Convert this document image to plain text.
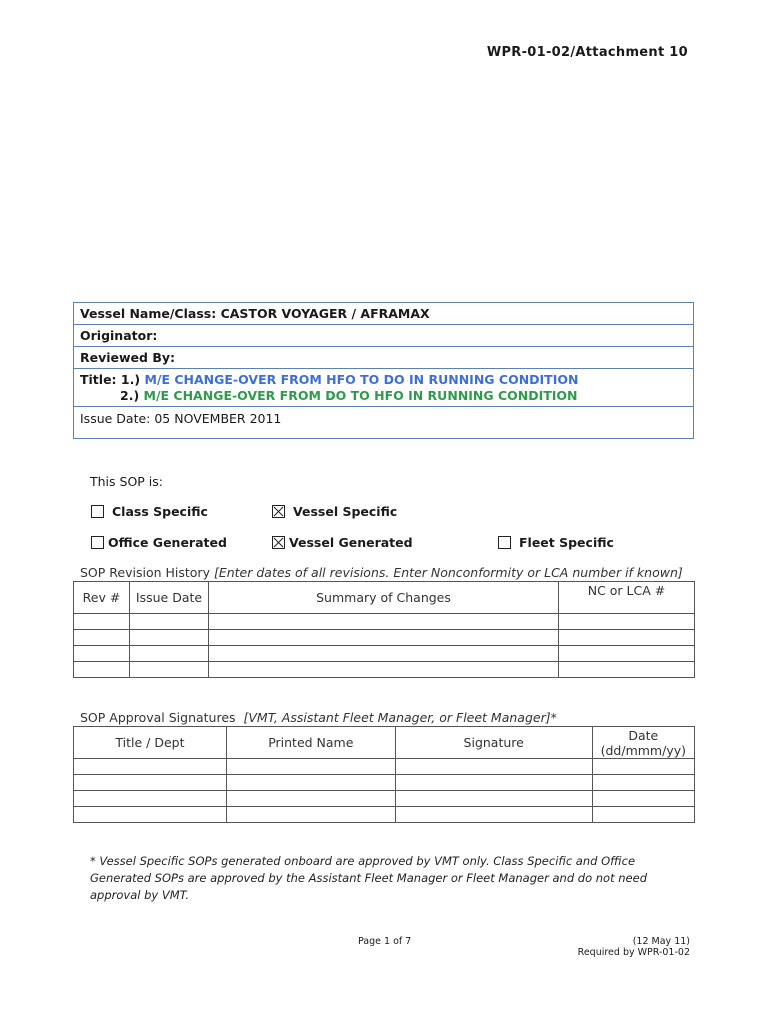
WPR-01-02/Attachment 10
Vessel Name/Class: CASTOR VOYAGER / AFRAMAX
Originator:
Reviewed By:
Title: 1.) M/E CHANGE-OVER FROM HFO TO DO IN RUNNING CONDITION
2.) M/E CHANGE-OVER FROM DO TO HFO IN RUNNING CONDITION
Issue Date: 05 NOVEMBER 2011
This SOP is:
Class Specific	Vessel Specific
Office Generated	Vessel Generated	Fleet Specific
SOP Revision History [Enter dates of all revisions. Enter Nonconformity or LCA number if known]
Rev #	Issue Date	Summary of Changes	NC or LCA #

SOP Approval Signatures [VMT, Assistant Fleet Manager, or Fleet Manager]*
Title / Dept	Printed Name	Signature	Date (dd/mmm/yy)

* Vessel Specific SOPs generated onboard are approved by VMT only. Class Specific and Office Generated SOPs are approved by the Assistant Fleet Manager or Fleet Manager and do not need approval by VMT.
Page 1 of 7	(12 May 11)
Required by WPR-01-02
